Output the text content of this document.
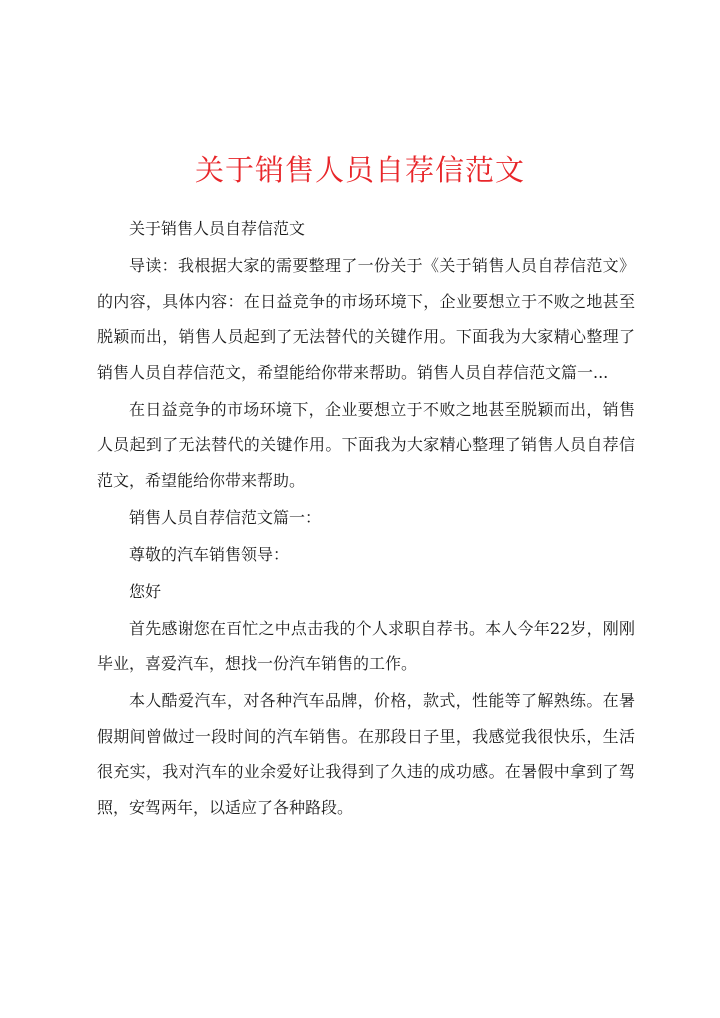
关于销售人员自荐信范文

关于销售人员自荐信范文

导读：我根据大家的需要整理了一份关于《关于销售人员自荐信范文》的内容，具体内容：在日益竞争的市场环境下，企业要想立于不败之地甚至脱颖而出，销售人员起到了无法替代的关键作用。下面我为大家精心整理了销售人员自荐信范文，希望能给你带来帮助。销售人员自荐信范文篇一...

在日益竞争的市场环境下，企业要想立于不败之地甚至脱颖而出，销售人员起到了无法替代的关键作用。下面我为大家精心整理了销售人员自荐信范文，希望能给你带来帮助。

销售人员自荐信范文篇一：

尊敬的汽车销售领导：

您好

首先感谢您在百忙之中点击我的个人求职自荐书。本人今年22岁，刚刚毕业，喜爱汽车，想找一份汽车销售的工作。

本人酷爱汽车，对各种汽车品牌，价格，款式，性能等了解熟练。在暑假期间曾做过一段时间的汽车销售。在那段日子里，我感觉我很快乐，生活很充实，我对汽车的业余爱好让我得到了久违的成功感。在暑假中拿到了驾照，安驾两年，以适应了各种路段。
